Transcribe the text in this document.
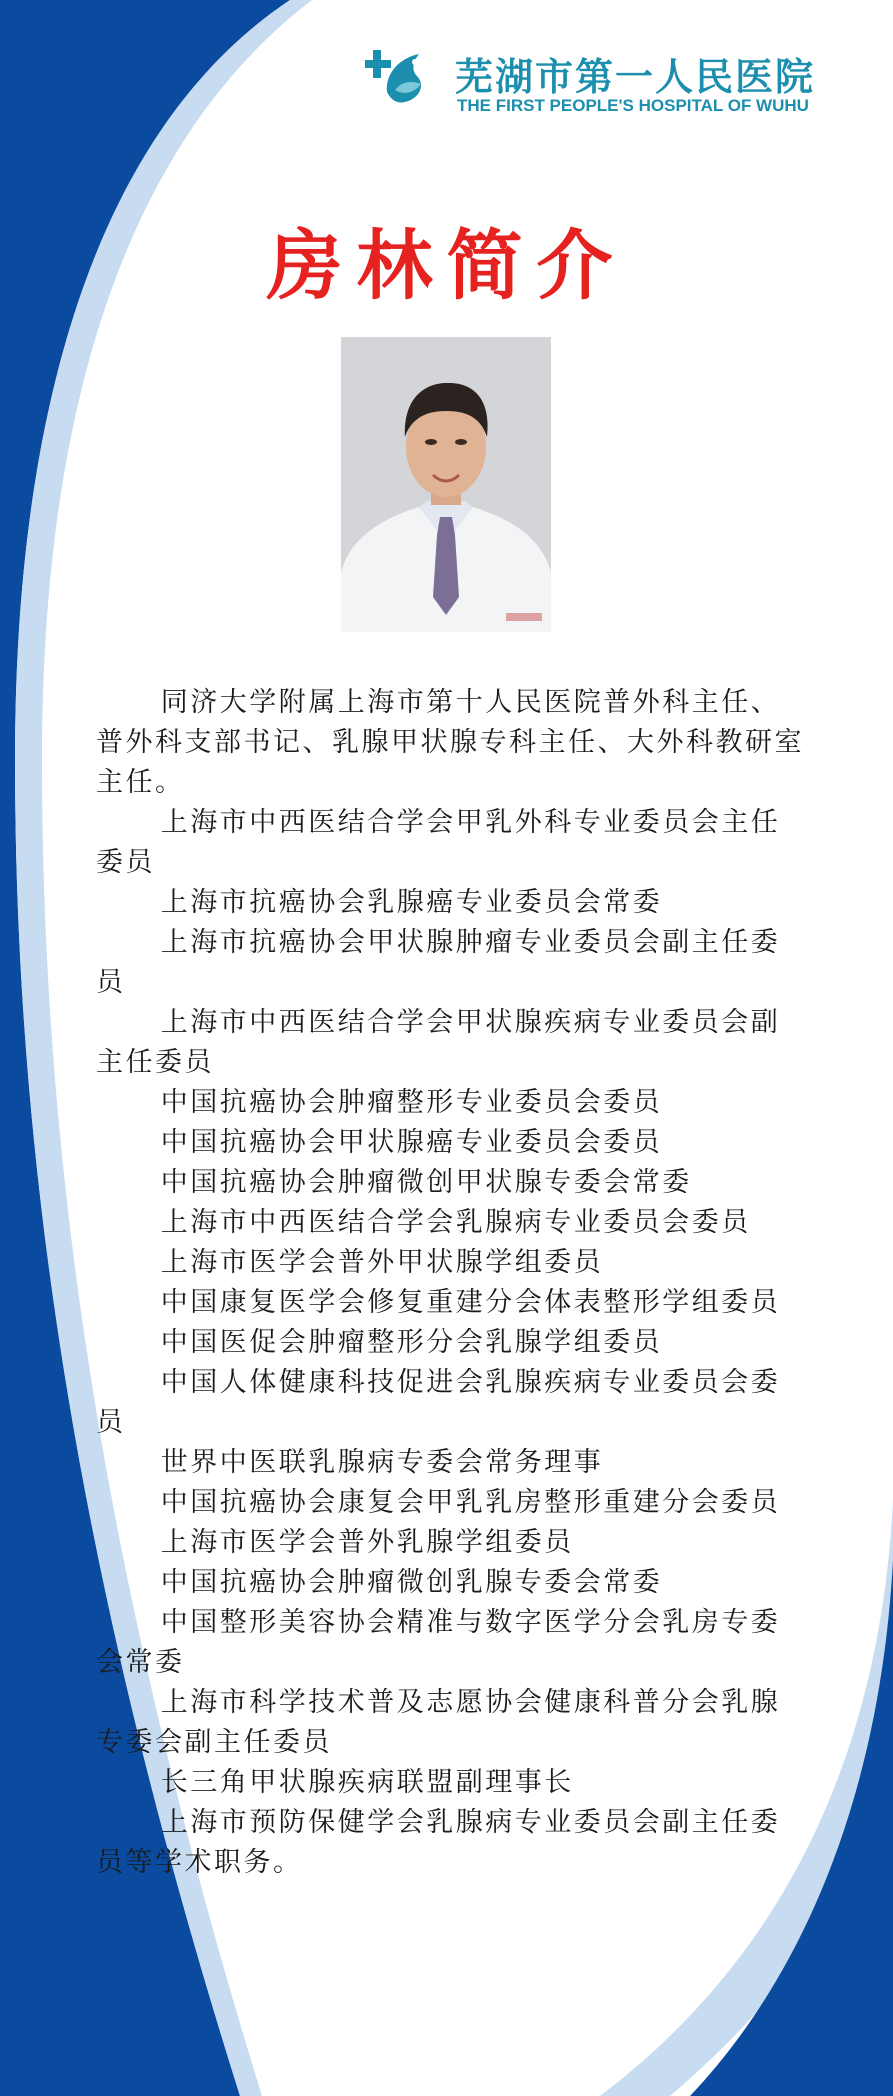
芜湖市第一人民医院
THE FIRST PEOPLE'S HOSPITAL OF WUHU
房林简介

同济大学附属上海市第十人民医院普外科主任、普外科支部书记、乳腺甲状腺专科主任、大外科教研室主任。

上海市中西医结合学会甲乳外科专业委员会主任委员

上海市抗癌协会乳腺癌专业委员会常委

上海市抗癌协会甲状腺肿瘤专业委员会副主任委员

上海市中西医结合学会甲状腺疾病专业委员会副主任委员

中国抗癌协会肿瘤整形专业委员会委员

中国抗癌协会甲状腺癌专业委员会委员

中国抗癌协会肿瘤微创甲状腺专委会常委

上海市中西医结合学会乳腺病专业委员会委员

上海市医学会普外甲状腺学组委员

中国康复医学会修复重建分会体表整形学组委员

中国医促会肿瘤整形分会乳腺学组委员

中国人体健康科技促进会乳腺疾病专业委员会委员

世界中医联乳腺病专委会常务理事

中国抗癌协会康复会甲乳乳房整形重建分会委员

上海市医学会普外乳腺学组委员

中国抗癌协会肿瘤微创乳腺专委会常委

中国整形美容协会精准与数字医学分会乳房专委会常委

上海市科学技术普及志愿协会健康科普分会乳腺专委会副主任委员

长三角甲状腺疾病联盟副理事长

上海市预防保健学会乳腺病专业委员会副主任委员等学术职务。
